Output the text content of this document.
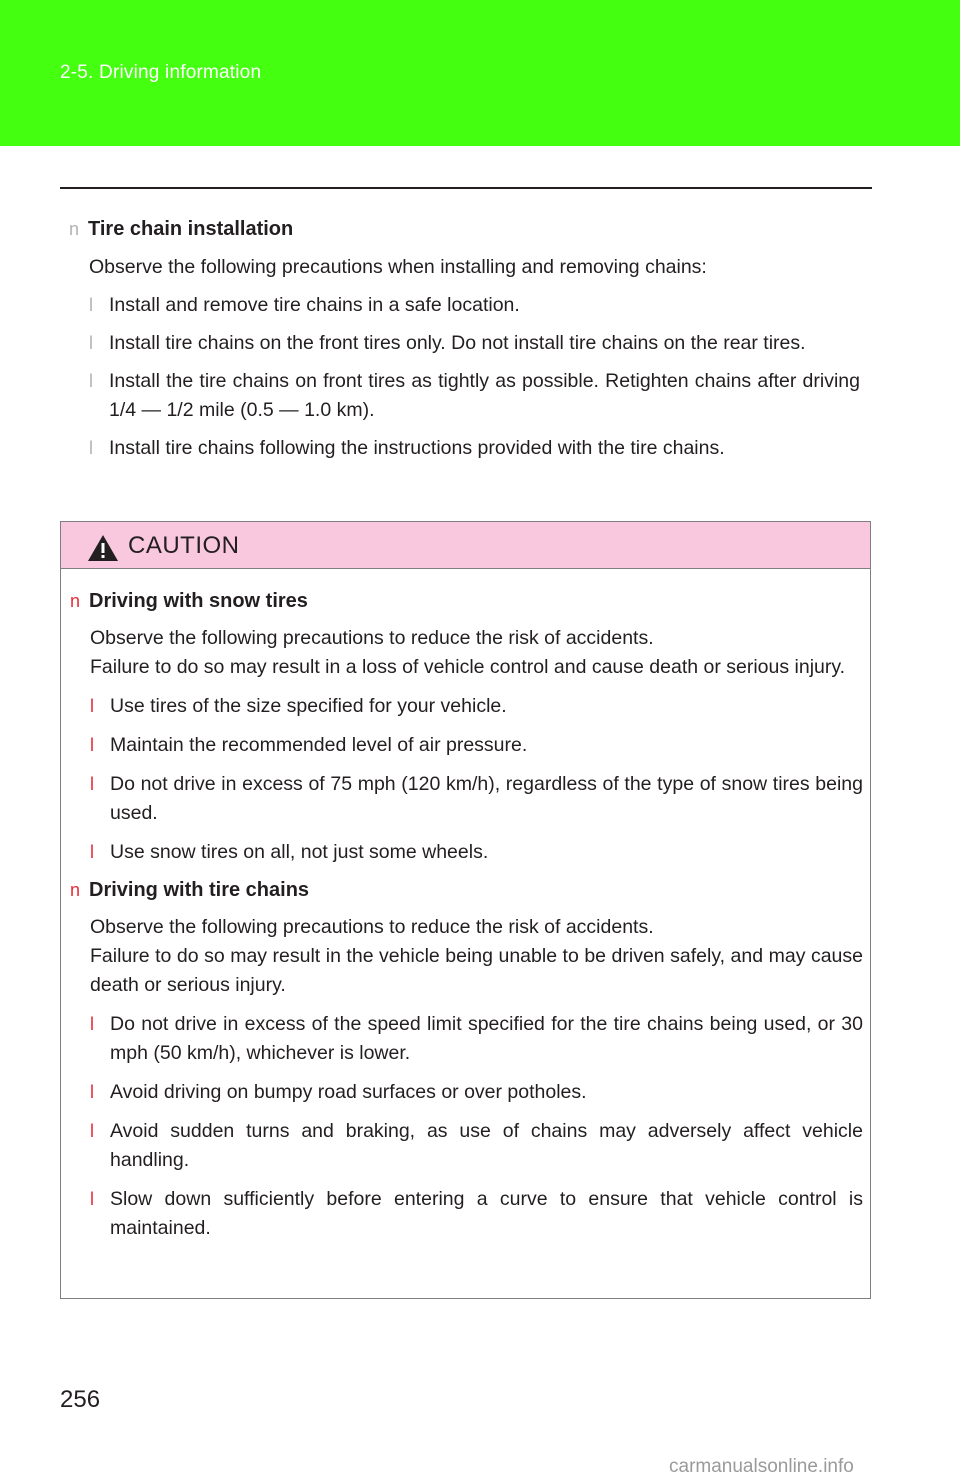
2-5. Driving information
n Tire chain installation
Observe the following precautions when installing and removing chains:
l Install and remove tire chains in a safe location.
l Install tire chains on the front tires only. Do not install tire chains on the rear tires.
l Install the tire chains on front tires as tightly as possible. Retighten chains after driving 1/4 — 1/2 mile (0.5 — 1.0 km).
l Install tire chains following the instructions provided with the tire chains.
CAUTION
n Driving with snow tires
Observe the following precautions to reduce the risk of accidents.
Failure to do so may result in a loss of vehicle control and cause death or serious injury.
l Use tires of the size specified for your vehicle.
l Maintain the recommended level of air pressure.
l Do not drive in excess of 75 mph (120 km/h), regardless of the type of snow tires being used.
l Use snow tires on all, not just some wheels.
n Driving with tire chains
Observe the following precautions to reduce the risk of accidents.
Failure to do so may result in the vehicle being unable to be driven safely, and may cause death or serious injury.
l Do not drive in excess of the speed limit specified for the tire chains being used, or 30 mph (50 km/h), whichever is lower.
l Avoid driving on bumpy road surfaces or over potholes.
l Avoid sudden turns and braking, as use of chains may adversely affect vehicle handling.
l Slow down sufficiently before entering a curve to ensure that vehicle control is maintained.
256
carmanualsonline.info
